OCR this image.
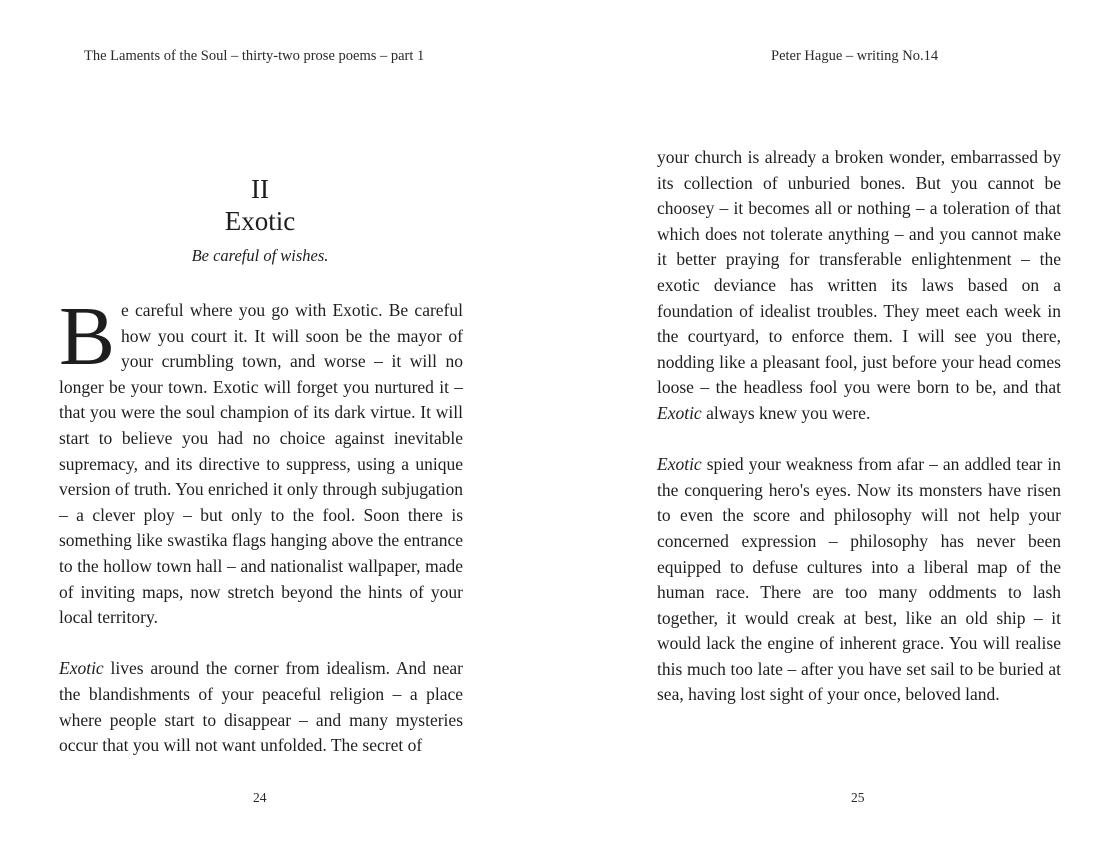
The Laments of the Soul – thirty-two prose poems – part 1
II
Exotic
Be careful of wishes.

Be careful where you go with Exotic. Be careful how you court it. It will soon be the mayor of your crumbling town, and worse – it will no longer be your town. Exotic will forget you nurtured it – that you were the soul champion of its dark virtue. It will start to believe you had no choice against inevitable supremacy, and its directive to suppress, using a unique version of truth. You enriched it only through subjugation – a clever ploy – but only to the fool. Soon there is something like swastika flags hanging above the entrance to the hollow town hall – and nationalist wallpaper, made of inviting maps, now stretch beyond the hints of your local territory.

Exotic lives around the corner from idealism. And near the blandishments of your peaceful religion – a place where people start to disappear – and many mysteries occur that you will not want unfolded. The secret of

24
Peter Hague – writing No.14

your church is already a broken wonder, embarrassed by its collection of unburied bones. But you cannot be choosey – it becomes all or nothing – a toleration of that which does not tolerate anything – and you cannot make it better praying for transferable enlightenment – the exotic deviance has written its laws based on a foundation of idealist troubles. They meet each week in the courtyard, to enforce them. I will see you there, nodding like a pleasant fool, just before your head comes loose – the headless fool you were born to be, and that Exotic always knew you were.

Exotic spied your weakness from afar – an addled tear in the conquering hero's eyes. Now its monsters have risen to even the score and philosophy will not help your concerned expression – philosophy has never been equipped to defuse cultures into a liberal map of the human race. There are too many oddments to lash together, it would creak at best, like an old ship – it would lack the engine of inherent grace. You will realise this much too late – after you have set sail to be buried at sea, having lost sight of your once, beloved land.

25
